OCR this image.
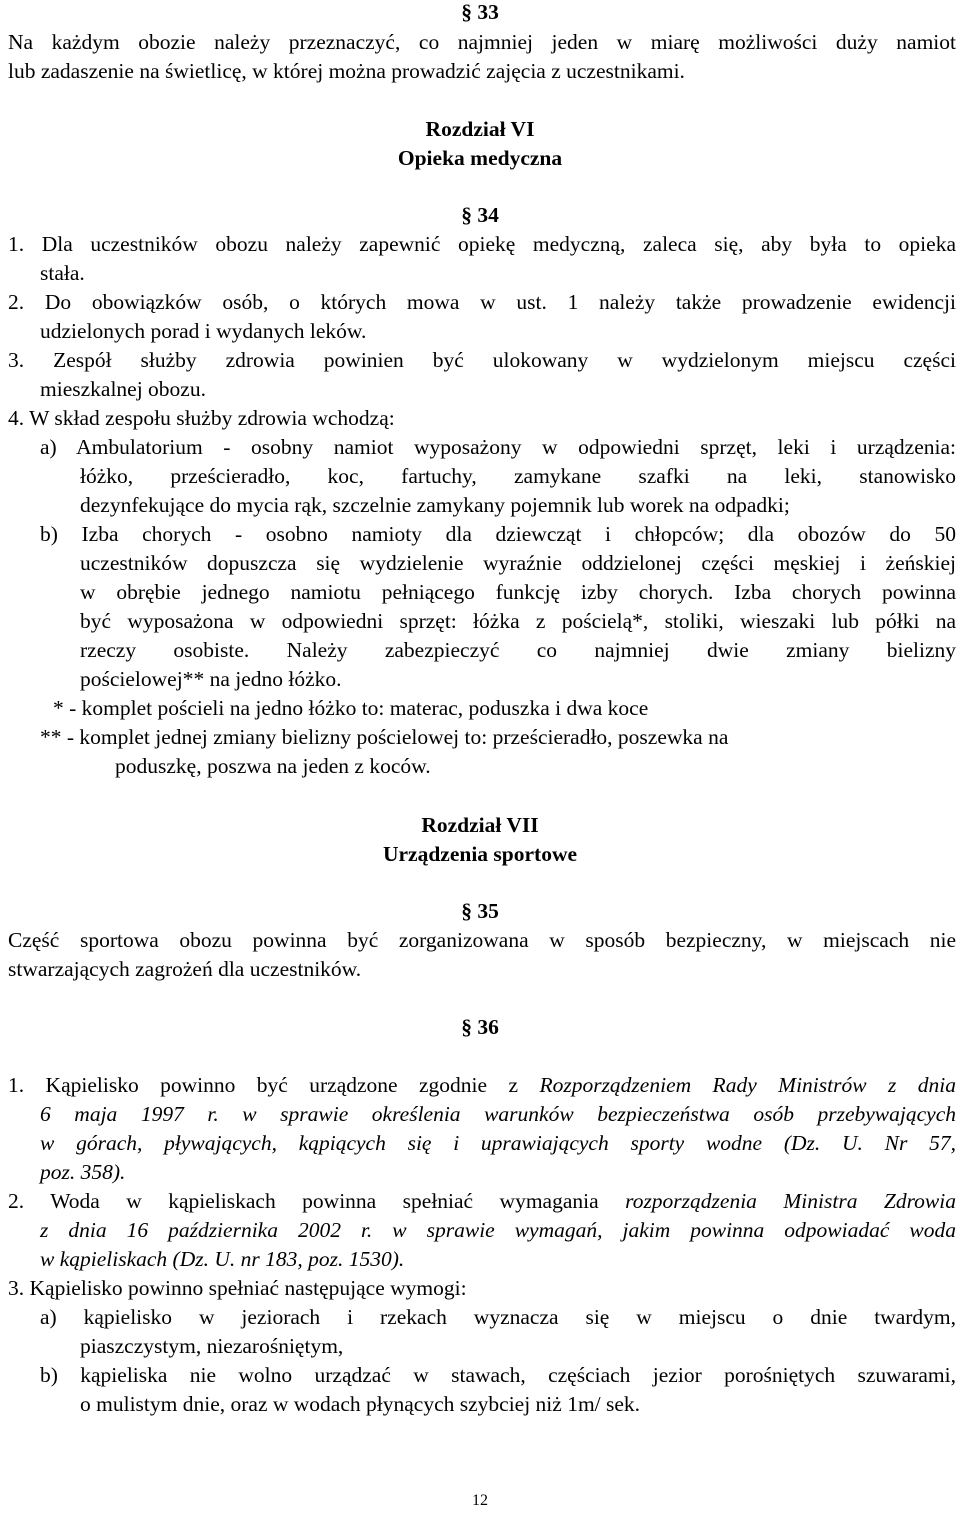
§ 33
Na każdym obozie należy przeznaczyć, co najmniej jeden w miarę możliwości duży namiot
lub zadaszenie na świetlicę, w której można prowadzić zajęcia z uczestnikami.
Rozdział VI
Opieka medyczna
§ 34
1. Dla uczestników obozu należy zapewnić opiekę medyczną, zaleca się, aby była to opieka
stała.
2. Do obowiązków osób, o których mowa w ust. 1 należy także prowadzenie ewidencji
udzielonych porad i wydanych leków.
3. Zespół służby zdrowia powinien być ulokowany w wydzielonym miejscu części
mieszkalnej obozu.
4. W skład zespołu służby zdrowia wchodzą:
a) Ambulatorium - osobny namiot wyposażony w odpowiedni sprzęt, leki i urządzenia:
łóżko, prześcieradło, koc, fartuchy, zamykane szafki na leki, stanowisko
dezynfekujące do mycia rąk, szczelnie zamykany pojemnik lub worek na odpadki;
b) Izba chorych - osobno namioty dla dziewcząt i chłopców; dla obozów do 50
uczestników dopuszcza się wydzielenie wyraźnie oddzielonej części męskiej i żeńskiej
w obrębie jednego namiotu pełniącego funkcję izby chorych. Izba chorych powinna
być wyposażona w odpowiedni sprzęt: łóżka z pościelą*, stoliki, wieszaki lub półki na
rzeczy osobiste. Należy zabezpieczyć co najmniej dwie zmiany bielizny
pościelowej** na jedno łóżko.
* - komplet pościeli na jedno łóżko to: materac, poduszka i dwa koce
** - komplet jednej zmiany bielizny pościelowej to: prześcieradło, poszewka na
poduszkę, poszwa na jeden z koców.
Rozdział VII
Urządzenia sportowe
§ 35
Część sportowa obozu powinna być zorganizowana w sposób bezpieczny, w miejscach nie
stwarzających zagrożeń dla uczestników.
§ 36
1. Kąpielisko powinno być urządzone zgodnie z Rozporządzeniem Rady Ministrów z dnia
6 maja 1997 r. w sprawie określenia warunków bezpieczeństwa osób przebywających
w górach, pływających, kąpiących się i uprawiających sporty wodne (Dz. U. Nr 57,
poz. 358).
2. Woda w kąpieliskach powinna spełniać wymagania rozporządzenia Ministra Zdrowia
z dnia 16 października 2002 r. w sprawie wymagań, jakim powinna odpowiadać woda
w kąpieliskach (Dz. U. nr 183, poz. 1530).
3. Kąpielisko powinno spełniać następujące wymogi:
a) kąpielisko w jeziorach i rzekach wyznacza się w miejscu o dnie twardym,
piaszczystym, niezarośniętym,
b) kąpieliska nie wolno urządzać w stawach, częściach jezior porośniętych szuwarami,
o mulistym dnie, oraz w wodach płynących szybciej niż 1m/ sek.
12
